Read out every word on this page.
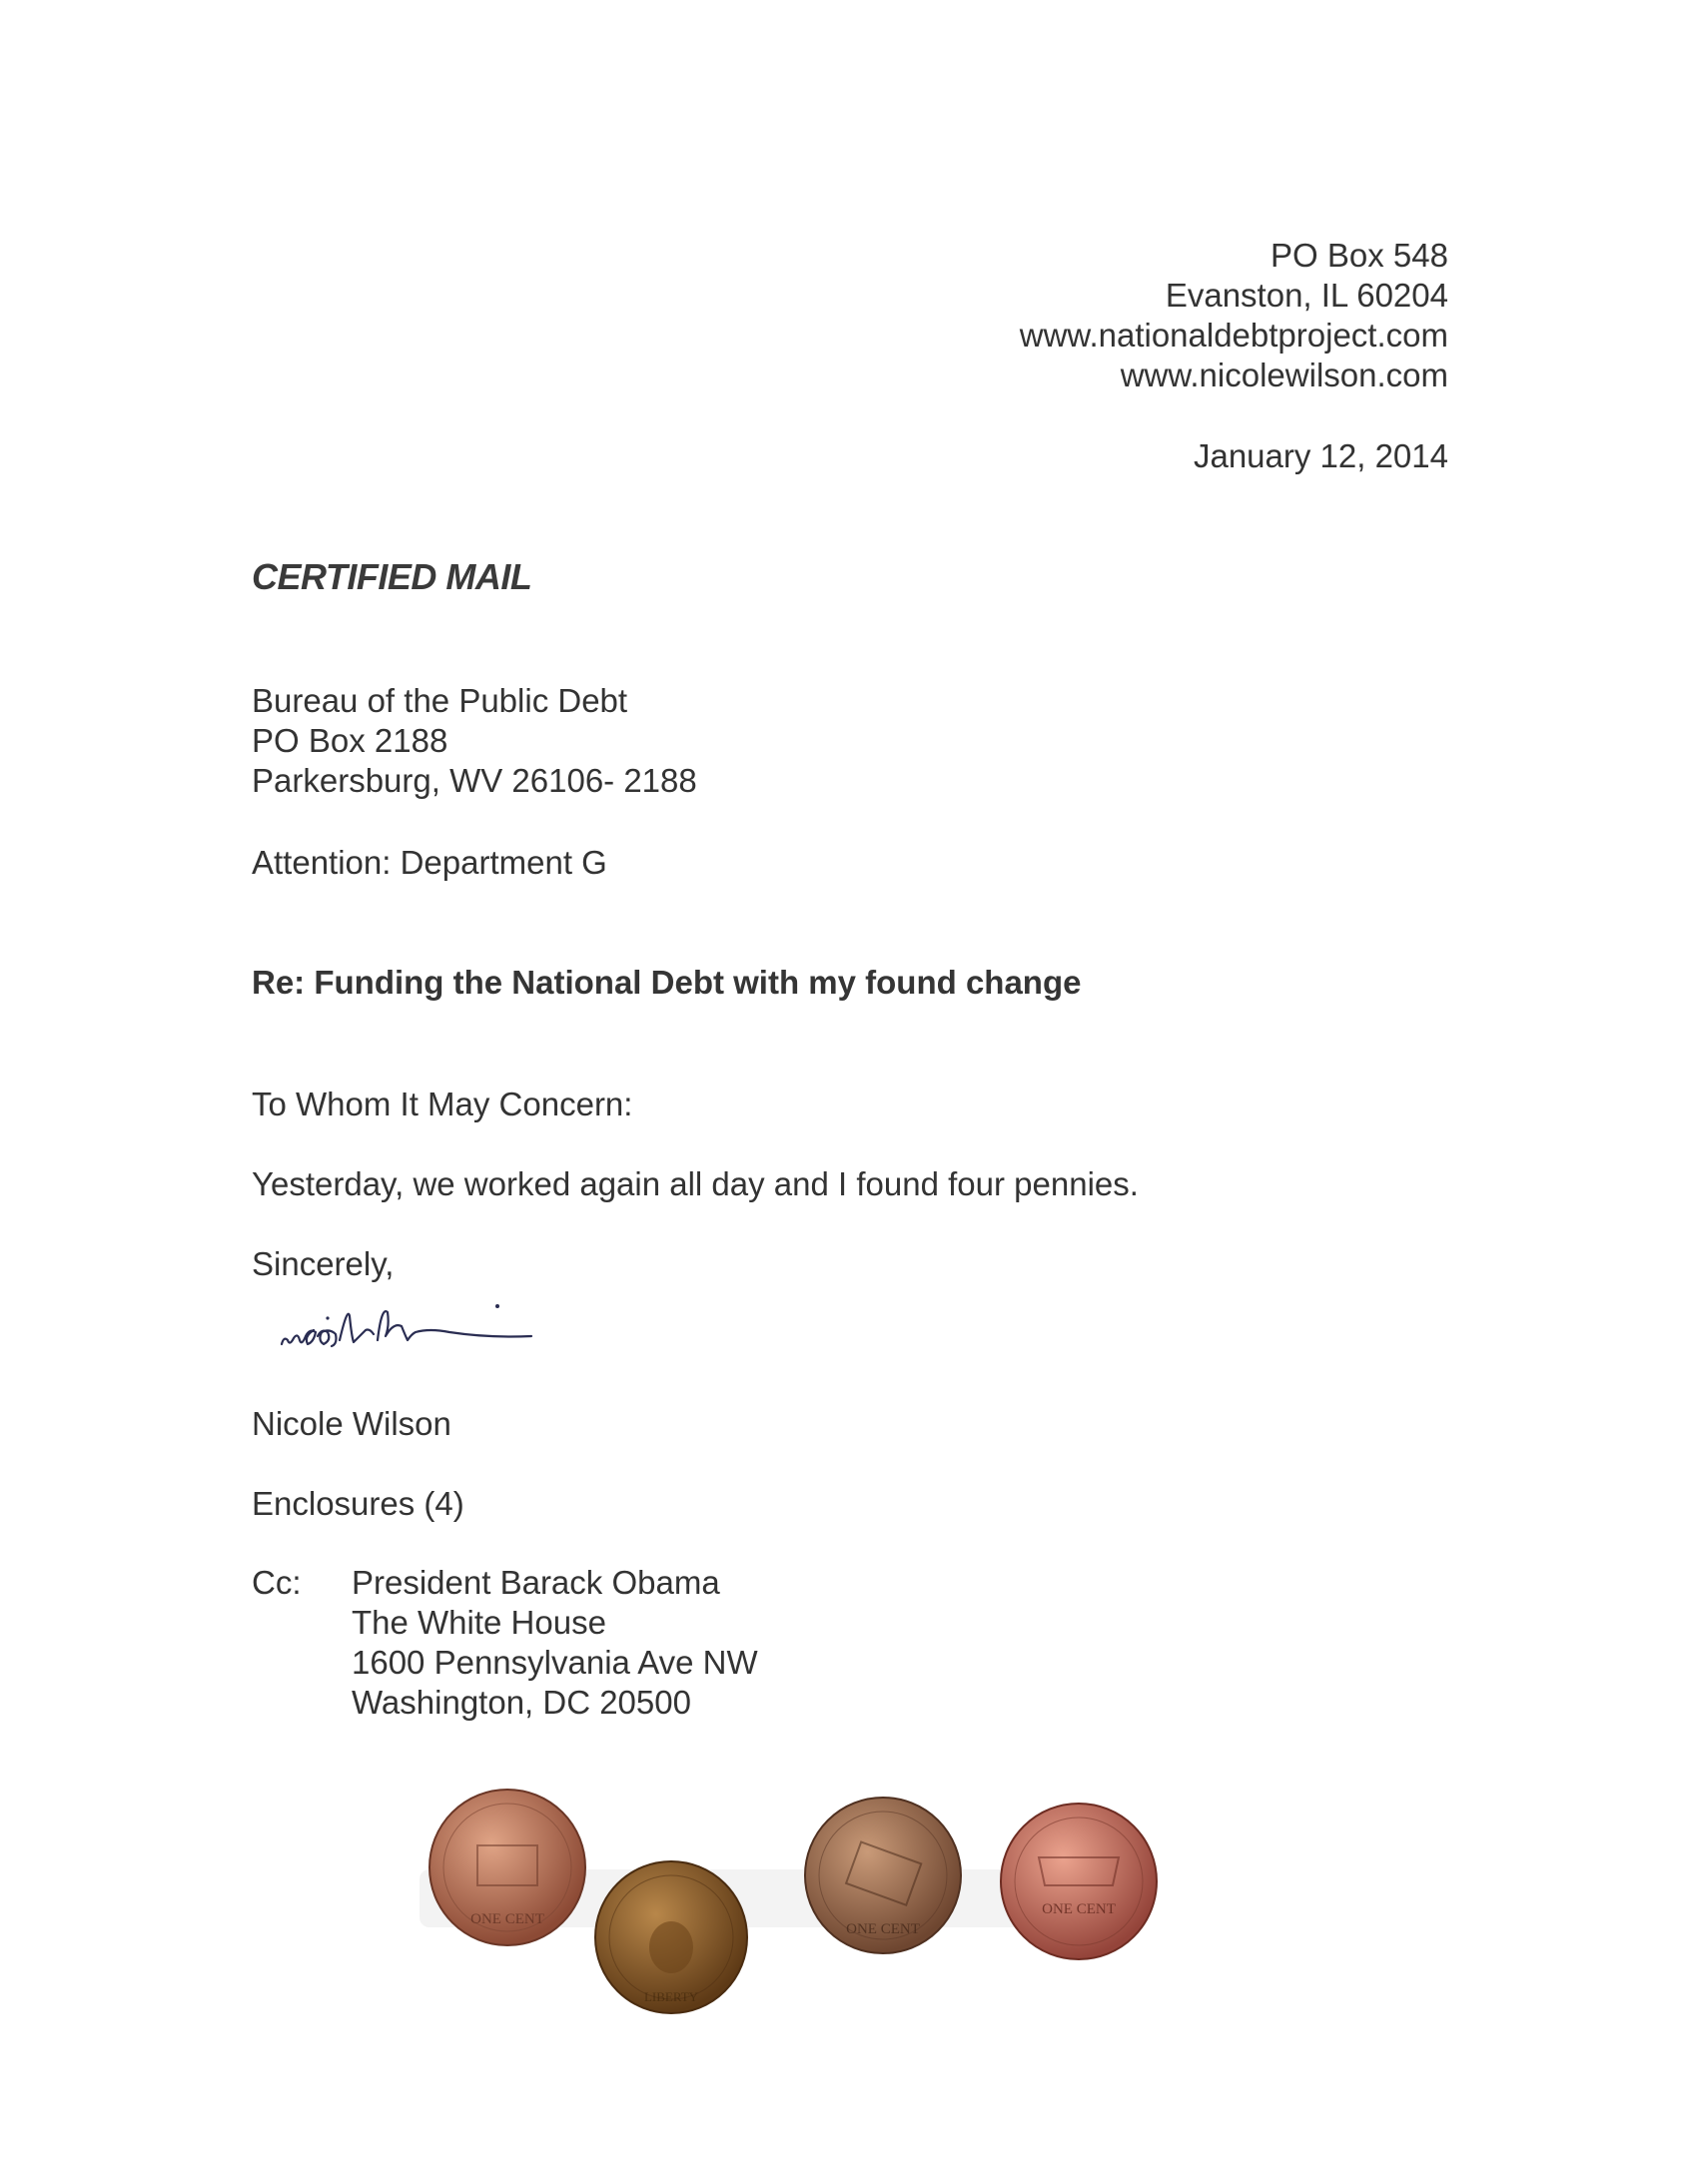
PO Box 548
Evanston, IL 60204
www.nationaldebtproject.com
www.nicolewilson.com
January 12, 2014
CERTIFIED MAIL
Bureau of the Public Debt
PO Box 2188
Parkersburg, WV 26106- 2188
Attention: Department G
Re: Funding the National Debt with my found change
To Whom It May Concern:
Yesterday, we worked again all day and I found four pennies.
Sincerely,
Nicole Wilson
Enclosures (4)
Cc: President Barack Obama
The White House
1600 Pennsylvania Ave NW
Washington, DC 20500
ONE CENT
LIBERTY
ONE CENT
ONE CENT
